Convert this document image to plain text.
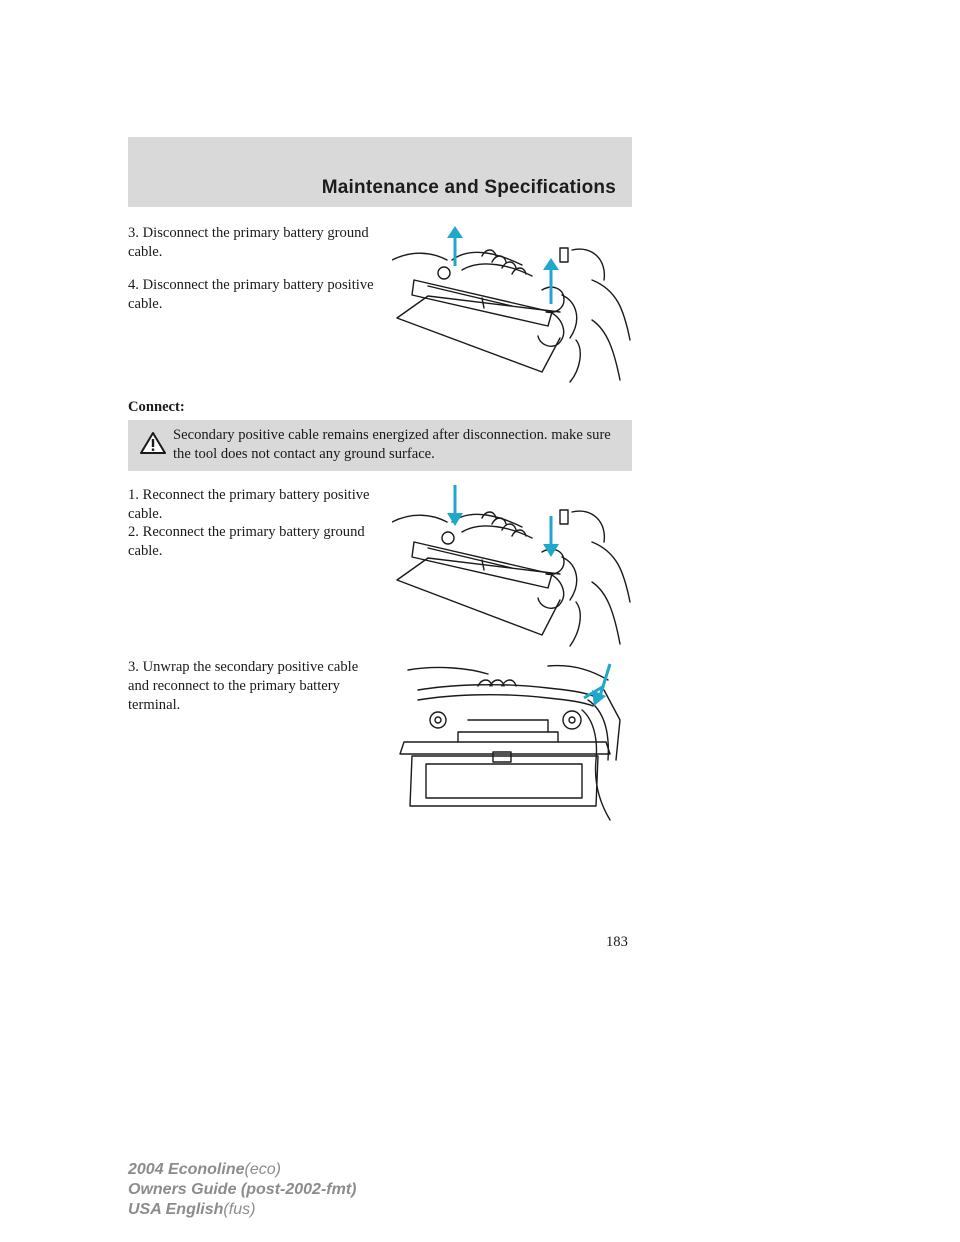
Maintenance and Specifications

3. Disconnect the primary battery ground cable.

4. Disconnect the primary battery positive cable.

Connect:

Secondary positive cable remains energized after disconnection. make sure the tool does not contact any ground surface.

1. Reconnect the primary battery positive cable.

2. Reconnect the primary battery ground cable.

3. Unwrap the secondary positive cable and reconnect to the primary battery terminal.

183
2004 Econoline(eco)
Owners Guide (post-2002-fmt)
USA English(fus)
